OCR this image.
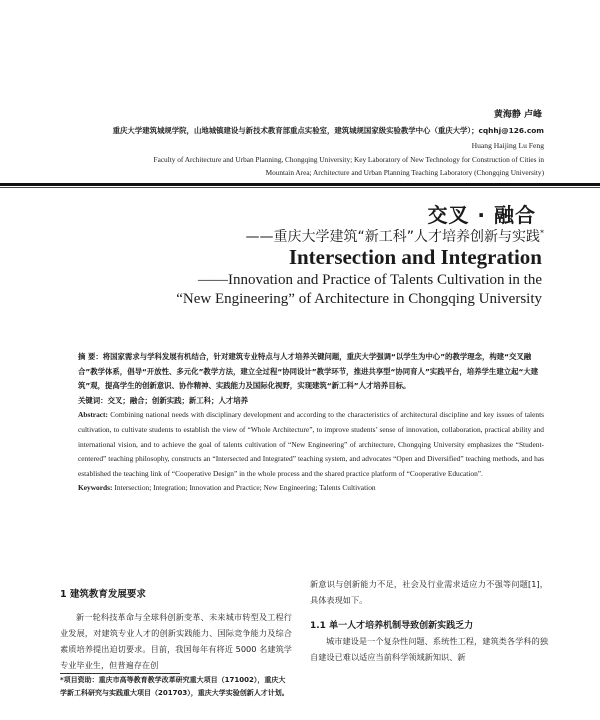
黄海静 卢峰
重庆大学建筑城规学院，山地城镇建设与新技术教育部重点实验室，建筑城规国家级实验教学中心（重庆大学）；cqhhj@126.com
Huang Haijing Lu Feng
Faculty of Architecture and Urban Planning, Chongqing University; Key Laboratory of New Technology for Construction of Cities in
Mountain Area; Architecture and Urban Planning Teaching Laboratory (Chongqing University)
交叉 · 融合
——重庆大学建筑“新工科”人才培养创新与实践*
Intersection and Integration
——Innovation and Practice of Talents Cultivation in the
“New Engineering” of Architecture in Chongqing University

摘 要：将国家需求与学科发展有机结合，针对建筑专业特点与人才培养关键问题，重庆大学强调“以学生为中心”的教学理念，构建“交叉融合”教学体系，倡导“开放性、多元化”教学方法，建立全过程“协同设计”教学环节，推进共享型“协同育人”实践平台，培养学生建立起“大建筑”观，提高学生的创新意识、协作精神、实践能力及国际化视野，实现建筑“新工科”人才培养目标。

关键词：交叉；融合；创新实践；新工科；人才培养

Abstract: Combining national needs with disciplinary development and according to the characteristics of architectural discipline and key issues of talents cultivation, to cultivate students to establish the view of “Whole Architecture”, to improve students’ sense of innovation, collaboration, practical ability and international vision, and to achieve the goal of talents cultivation of “New Engineering” of architecture, Chongqing University emphasizes the “Student-centered” teaching philosophy, constructs an “Intersected and Integrated” teaching system, and advocates “Open and Diversified” teaching methods, and has established the teaching link of “Cooperative Design” in the whole process and the shared practice platform of “Cooperative Education”.

Keywords: Intersection; Integration; Innovation and Practice; New Engineering; Talents Cultivation

1 建筑教育发展要求

新一轮科技革命与全球科创新变革、未来城市转型及工程行业发展，对建筑专业人才的创新实践能力、国际竞争能力及综合素质培养提出迫切要求。目前，我国每年有将近 5000 名建筑学专业毕业生，但普遍存在创

新意识与创新能力不足，社会及行业需求适应力不强等问题[1]，具体表现如下。

1.1 单一人才培养机制导致创新实践乏力

城市建设是一个复杂性问题、系统性工程，建筑类各学科的独自建设已难以适应当前科学领域新知识、新

*项目资助：重庆市高等教育教学改革研究重大项目（171002），重庆大学新工科研究与实践重大项目（201703），重庆大学实验创新人才计划。
